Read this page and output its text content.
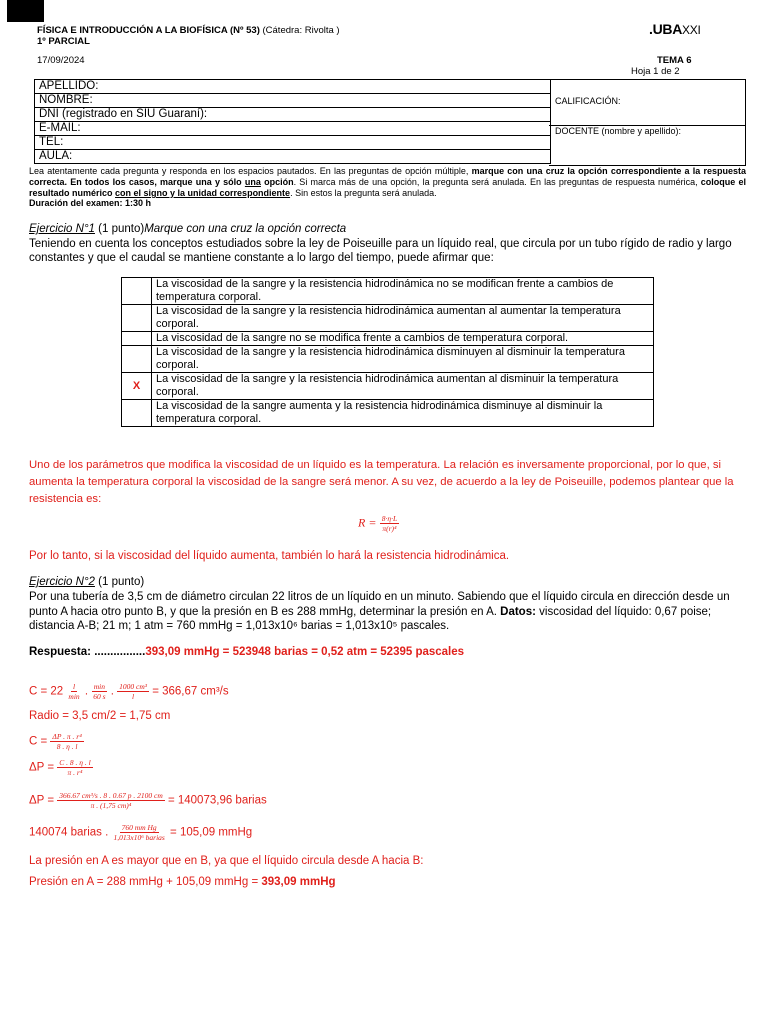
FÍSICA E INTRODUCCIÓN A LA BIOFÍSICA (Nº 53) (Cátedra: Rivolta )
1º PARCIAL
17/09/2024
.UBAXXI
TEMA 6
Hoja 1 de 2
APELLIDO:
NOMBRE:
DNI (registrado en SIU Guaraní):
E-MAIL:
TEL:
AULA:
CALIFICACIÓN:
DOCENTE (nombre y apellido):
Lea atentamente cada pregunta y responda en los espacios pautados. En las preguntas de opción múltiple, marque con una cruz la opción correspondiente a la respuesta correcta. En todos los casos, marque una y sólo una opción. Si marca más de una opción, la pregunta será anulada. En las preguntas de respuesta numérica, coloque el resultado numérico con el signo y la unidad correspondiente. Sin estos la pregunta será anulada.
Duración del examen: 1:30 h
Ejercicio N°1 (1 punto)Marque con una cruz la opción correcta
Teniendo en cuenta los conceptos estudiados sobre la ley de Poiseuille para un líquido real, que circula por un tubo rígido de radio y largo constantes y que el caudal se mantiene constante a lo largo del tiempo, puede afirmar que:
	La viscosidad de la sangre y la resistencia hidrodinámica no se modifican frente a cambios de temperatura corporal.
	La viscosidad de la sangre y la resistencia hidrodinámica aumentan al aumentar la temperatura corporal.
	La viscosidad de la sangre no se modifica frente a cambios de temperatura corporal.
	La viscosidad de la sangre y la resistencia hidrodinámica disminuyen al disminuir la temperatura corporal.
X	La viscosidad de la sangre y la resistencia hidrodinámica aumentan al disminuir la temperatura corporal.
	La viscosidad de la sangre aumenta y la resistencia hidrodinámica disminuye al disminuir la temperatura corporal.
Uno de los parámetros que modifica la viscosidad de un líquido es la temperatura. La relación es inversamente proporcional, por lo que, si aumenta la temperatura corporal la viscosidad de la sangre será menor. A su vez, de acuerdo a la ley de Poiseuille, podemos plantear que la resistencia es:
$R = \frac{8\cdot\eta\cdot L}{\text{π(r)⁴}}$
Por lo tanto, si la viscosidad del líquido aumenta, también lo hará la resistencia hidrodinámica.
Ejercicio N°2 (1 punto)
Por una tubería de 3,5 cm de diámetro circulan 22 litros de un líquido en un minuto. Sabiendo que el líquido circula en dirección desde un punto A hacia otro punto B, y que la presión en B es 288 mmHg, determinar la presión en A. Datos: viscosidad del líquido: 0,67 poise; distancia A-B; 21 m; 1 atm = 760 mmHg = 1,013x10⁶ barias = 1,013x10⁵ pascales.
Respuesta: ................393,09 mmHg = 523948 barias = 0,52 atm = 52395 pascales
$C = 22 \frac{l}{\min}$ . $\frac{\min}{60 s}$ . $\frac{\text{1000 cm³}}{l} = 366,67$ cm³/s
Radio = 3,5 cm/2 = 1,75 cm
$C = \frac{\text{ΔP . π . r⁴}}{8 . \eta . l}$
$\Delta P = \frac{C . 8 . \eta . l}{\text{π . r⁴}}$
$\Delta P = \frac{\text{366.67 cm³/s . 8 . 0.67 p . 2100 cm}}{\text{π . (1,75 cm)⁴}} = 140073,96$ barias
140074 barias . $\frac{\text{760 mm Hg}}{\text{1,013x10⁶ barias}} = 105,09$ mmHg
La presión en A es mayor que en B, ya que el líquido circula desde A hacia B:
Presión en A = 288 mmHg + 105,09 mmHg = 393,09 mmHg
